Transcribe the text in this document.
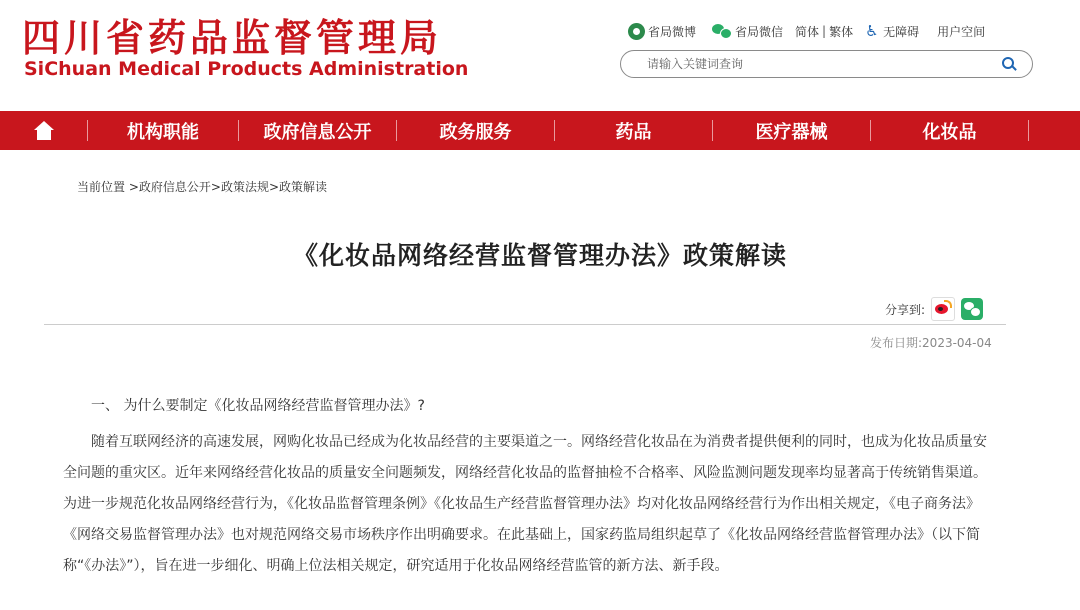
四川省药品监督管理局
SiChuan Medical Products Administration
省局微博	省局微信 简体 | 繁体 ♿ 无障碍 用户空间
请输入关键词查询
机构职能	政府信息公开	政务服务	药品	医疗器械	化妆品
当前位置 >政府信息公开>政策法规>政策解读
《化妆品网络经营监督管理办法》政策解读
分享到:
发布日期:2023-04-04

一、 为什么要制定《化妆品网络经营监督管理办法》?

随着互联网经济的高速发展，网购化妆品已经成为化妆品经营的主要渠道之一。网络经营化妆品在为消费者提供便利的同时，也成为化妆品质量安全问题的重灾区。近年来网络经营化妆品的质量安全问题频发，网络经营化妆品的监督抽检不合格率、风险监测问题发现率均显著高于传统销售渠道。为进一步规范化妆品网络经营行为，《化妆品监督管理条例》《化妆品生产经营监督管理办法》均对化妆品网络经营行为作出相关规定，《电子商务法》《网络交易监督管理办法》也对规范网络交易市场秩序作出明确要求。在此基础上，国家药监局组织起草了《化妆品网络经营监督管理办法》（以下简称“《办法》”），旨在进一步细化、明确上位法相关规定，研究适用于化妆品网络经营监管的新方法、新手段。
